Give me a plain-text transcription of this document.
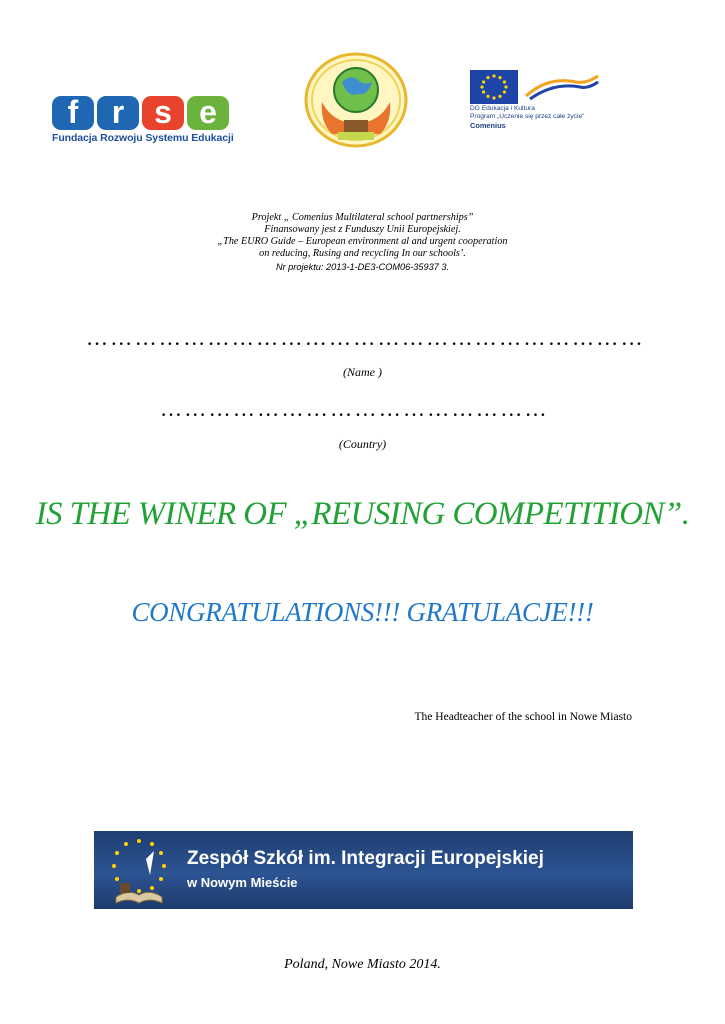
f	r s e
Fundacja Rozwoju Systemu Edukacji
DG Edukacja i Kultura
Program „Uczenie się przez całe życie”
Comenius
Projekt „ Comenius Multilateral school partnerships”
Finansowany jest z Funduszy Unii Europejskiej.
„The EURO Guide – European environment al and urgent cooperation
on reducing, Rusing and recycling In our schools’.
Nr projektu: 2013-1-DE3-COM06-35937 3.
……………………………………………………………
(Name )
…………………………………………
(Country)
IS THE WINER OF „REUSING COMPETITION”.
CONGRATULATIONS!!! GRATULACJE!!!
The Headteacher of the school in Nowe Miasto
Zespół Szkół im. Integracji Europejskiej
w Nowym Mieście
Poland, Nowe Miasto 2014.
